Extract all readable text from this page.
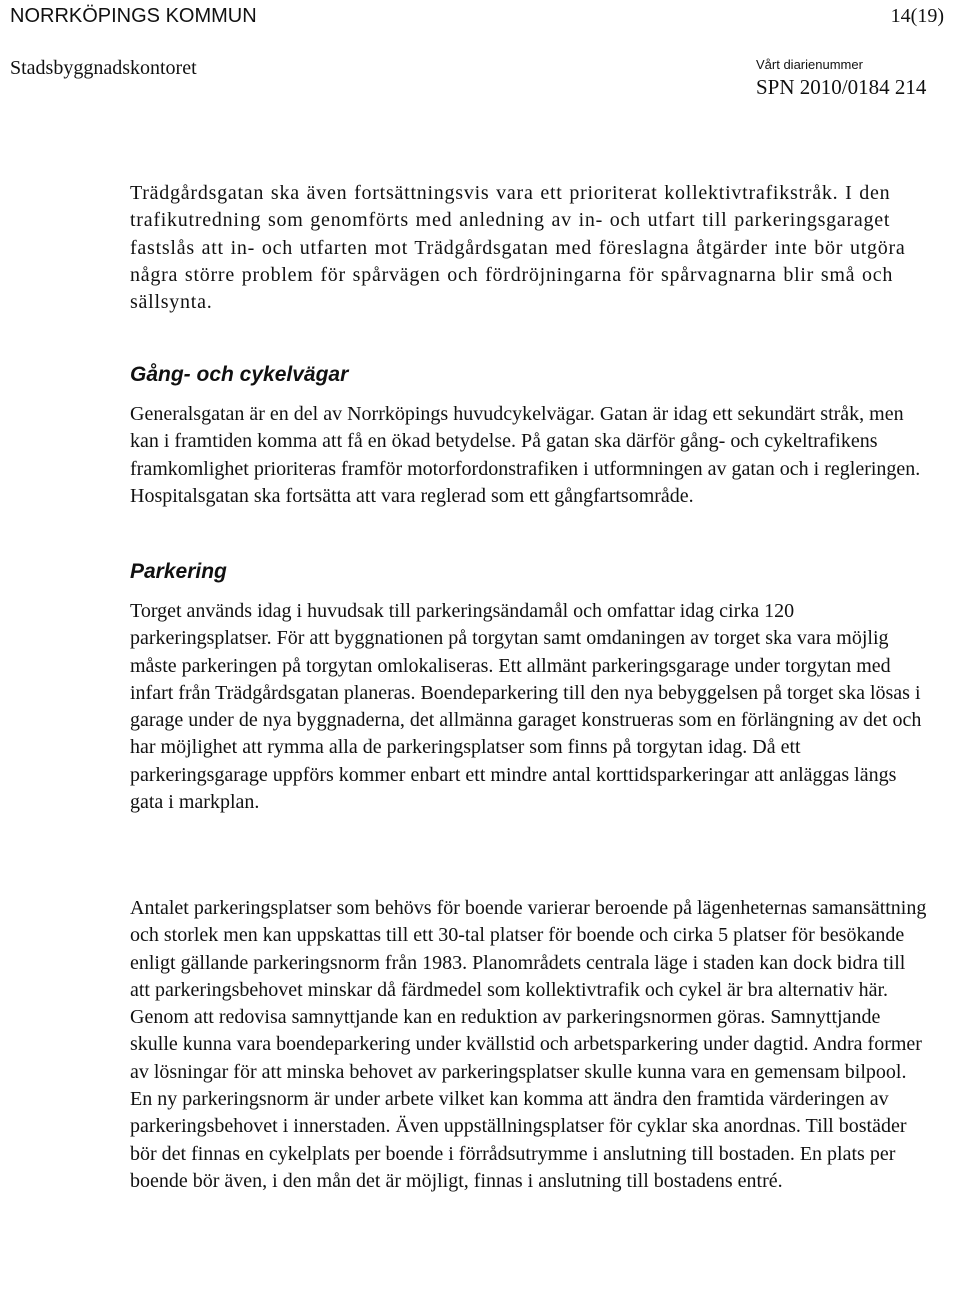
NORRKÖPINGS KOMMUN	14(19)
Stadsbyggnadskontoret	Vårt diarienummer
SPN 2010/0184 214

Trädgårdsgatan ska även fortsättningsvis vara ett prioriterat kollektivtrafikstråk. I den trafikutredning som genomförts med anledning av in- och utfart till parkeringsgaraget fastslås att in- och utfarten mot Trädgårdsgatan med föreslagna åtgärder inte bör utgöra några större problem för spårvägen och fördröjningarna för spårvagnarna blir små och sällsynta.

Gång- och cykelvägar

Generalsgatan är en del av Norrköpings huvudcykelvägar. Gatan är idag ett sekundärt stråk, men kan i framtiden komma att få en ökad betydelse. På gatan ska därför gång- och cykeltrafikens framkomlighet prioriteras framför motorfordonstrafiken i utformningen av gatan och i regleringen. Hospitalsgatan ska fortsätta att vara reglerad som ett gångfartsområde.

Parkering

Torget används idag i huvudsak till parkeringsändamål och omfattar idag cirka 120 parkeringsplatser. För att byggnationen på torgytan samt omdaningen av torget ska vara möjlig måste parkeringen på torgytan omlokaliseras. Ett allmänt parkeringsgarage under torgytan med infart från Trädgårdsgatan planeras. Boendeparkering till den nya bebyggelsen på torget ska lösas i garage under de nya byggnaderna, det allmänna garaget konstrueras som en förlängning av det och har möjlighet att rymma alla de parkeringsplatser som finns på torgytan idag. Då ett parkeringsgarage uppförs kommer enbart ett mindre antal korttidsparkeringar att anläggas längs gata i markplan.

Antalet parkeringsplatser som behövs för boende varierar beroende på lägenheternas samansättning och storlek men kan uppskattas till ett 30-tal platser för boende och cirka 5 platser för besökande enligt gällande parkeringsnorm från 1983. Planområdets centrala läge i staden kan dock bidra till att parkeringsbehovet minskar då färdmedel som kollektivtrafik och cykel är bra alternativ här. Genom att redovisa samnyttjande kan en reduktion av parkeringsnormen göras. Samnyttjande skulle kunna vara boendeparkering under kvällstid och arbetsparkering under dagtid. Andra former av lösningar för att minska behovet av parkeringsplatser skulle kunna vara en gemensam bilpool. En ny parkeringsnorm är under arbete vilket kan komma att ändra den framtida värderingen av parkeringsbehovet i innerstaden. Även uppställningsplatser för cyklar ska anordnas. Till bostäder bör det finnas en cykelplats per boende i förrådsutrymme i anslutning till bostaden. En plats per boende bör även, i den mån det är möjligt, finnas i anslutning till bostadens entré.
